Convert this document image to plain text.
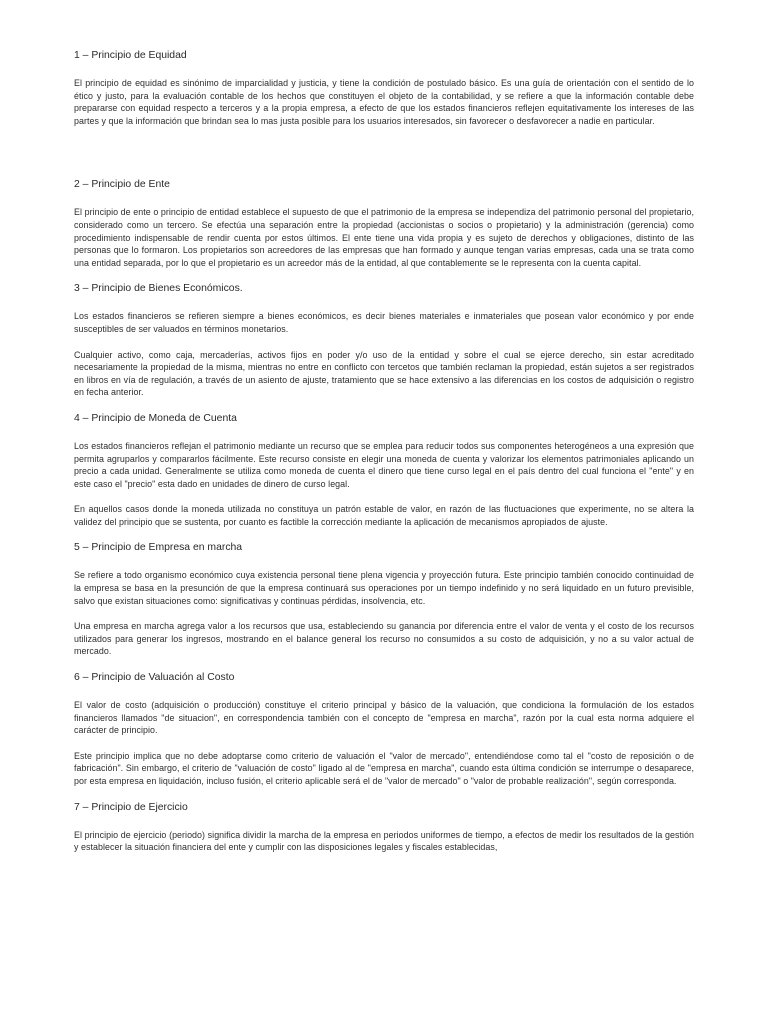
1 – Principio de Equidad

El principio de equidad es sinónimo de imparcialidad y justicia, y tiene la condición de postulado básico. Es una guía de orientación con el sentido de lo ético y justo, para la evaluación contable de los hechos que constituyen el objeto de la contabilidad, y se refiere a que la información contable debe prepararse con equidad respecto a terceros y a la propia empresa, a efecto de que los estados financieros reflejen equitativamente los intereses de las partes y que la información que brindan sea lo mas justa posible para los usuarios interesados, sin favorecer o desfavorecer a nadie en particular.

2 – Principio de Ente

El principio de ente o principio de entidad establece el supuesto de que el patrimonio de la empresa se independiza del patrimonio personal del propietario, considerado como un tercero. Se efectúa una separación entre la propiedad (accionistas o socios o propietario) y la administración (gerencia) como procedimiento indispensable de rendir cuenta por estos últimos. El ente tiene una vida propia y es sujeto de derechos y obligaciones, distinto de las personas que lo formaron. Los propietarios son acreedores de las empresas que han formado y aunque tengan varias empresas, cada una se trata como una entidad separada, por lo que el propietario es un acreedor más de la entidad, al que contablemente se le representa con la cuenta capital.

3 – Principio de Bienes Económicos.

Los estados financieros se refieren siempre a bienes económicos, es decir bienes materiales e inmateriales que posean valor económico y por ende susceptibles de ser valuados en términos monetarios.

Cualquier activo, como caja, mercaderías, activos fijos en poder y/o uso de la entidad y sobre el cual se ejerce derecho, sin estar acreditado necesariamente la propiedad de la misma, mientras no entre en conflicto con tercetos que también reclaman la propiedad, están sujetos a ser registrados en libros en vía de regulación, a través de un asiento de ajuste, tratamiento que se hace extensivo a las diferencias en los costos de adquisición o registro en fecha anterior.

4 – Principio de Moneda de Cuenta

Los estados financieros reflejan el patrimonio mediante un recurso que se emplea para reducir todos sus componentes heterogéneos a una expresión que permita agruparlos y compararlos fácilmente. Este recurso consiste en elegir una moneda de cuenta y valorizar los elementos patrimoniales aplicando un precio a cada unidad. Generalmente se utiliza como moneda de cuenta el dinero que tiene curso legal en el país dentro del cual funciona el "ente" y en este caso el "precio" esta dado en unidades de dinero de curso legal.

En aquellos casos donde la moneda utilizada no constituya un patrón estable de valor, en razón de las fluctuaciones que experimente, no se altera la validez del principio que se sustenta, por cuanto es factible la corrección mediante la aplicación de mecanismos apropiados de ajuste.

5 – Principio de Empresa en marcha

Se refiere a todo organismo económico cuya existencia personal tiene plena vigencia y proyección futura. Este principio también conocido continuidad de la empresa se basa en la presunción de que la empresa continuará sus operaciones por un tiempo indefinido y no será liquidado en un futuro previsible, salvo que existan situaciones como: significativas y continuas pérdidas, insolvencia, etc.

Una empresa en marcha agrega valor a los recursos que usa, estableciendo su ganancia por diferencia entre el valor de venta y el costo de los recursos utilizados para generar los ingresos, mostrando en el balance general los recurso no consumidos a su costo de adquisición, y no a su valor actual de mercado.

6 – Principio de Valuación al Costo

El valor de costo (adquisición o producción) constituye el criterio principal y básico de la valuación, que condiciona la formulación de los estados financieros llamados "de situacion", en correspondencia también con el concepto de "empresa en marcha", razón por la cual esta norma adquiere el carácter de principio.

Este principio implica que no debe adoptarse como criterio de valuación el "valor de mercado", entendiéndose como tal el "costo de reposición o de fabricación". Sin embargo, el criterio de "valuación de costo" ligado al de "empresa en marcha", cuando esta última condición se interrumpe o desaparece, por esta empresa en liquidación, incluso fusión, el criterio aplicable será el de "valor de mercado" o "valor de probable realización", según corresponda.

7 – Principio de Ejercicio

El principio de ejercicio (periodo) significa dividir la marcha de la empresa en periodos uniformes de tiempo, a efectos de medir los resultados de la gestión y establecer la situación financiera del ente y cumplir con las disposiciones legales y fiscales establecidas,
